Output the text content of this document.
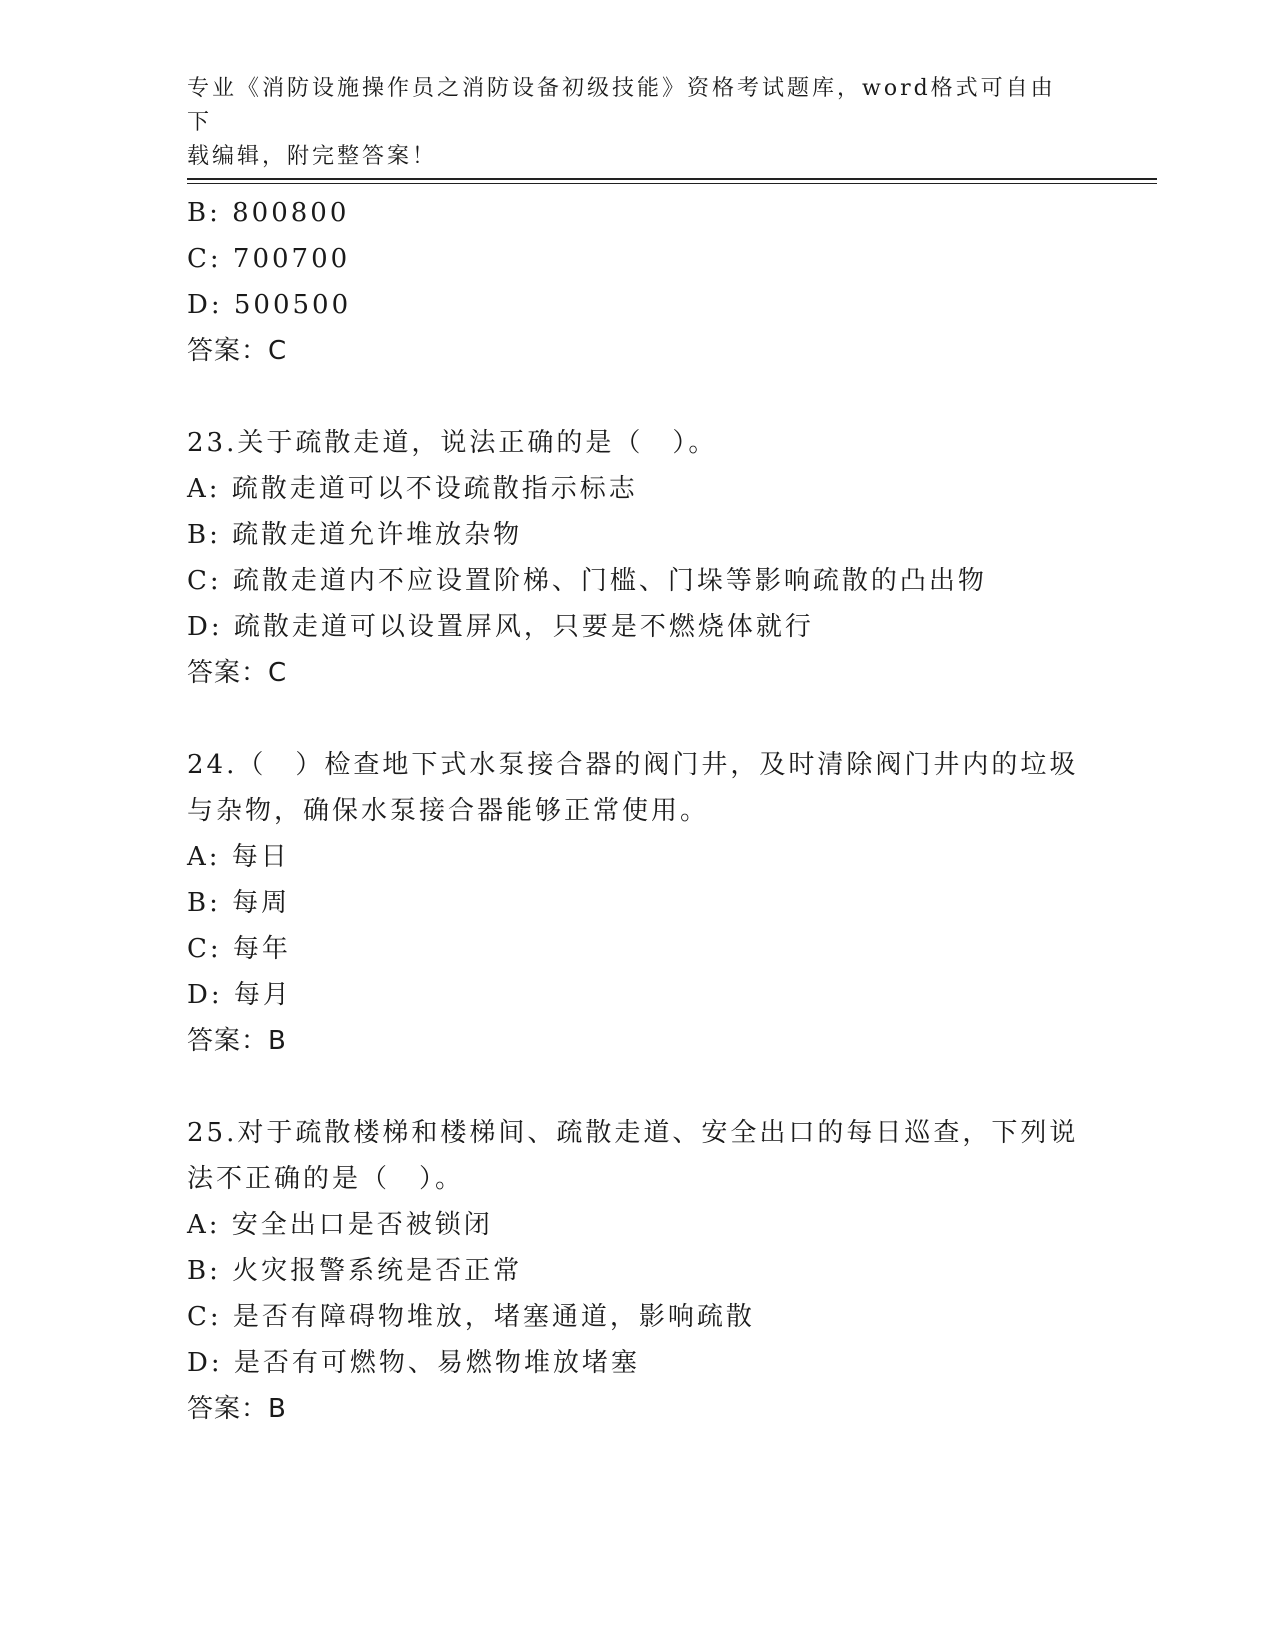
专业《消防设施操作员之消防设备初级技能》资格考试题库，word格式可自由下
载编辑，附完整答案！
B: 800800
C: 700700
D: 500500
答案：C
23.关于疏散走道，说法正确的是（　）。
A: 疏散走道可以不设疏散指示标志
B: 疏散走道允许堆放杂物
C: 疏散走道内不应设置阶梯、门槛、门垛等影响疏散的凸出物
D: 疏散走道可以设置屏风，只要是不燃烧体就行
答案：C
24.（　）检查地下式水泵接合器的阀门井，及时清除阀门井内的垃圾
与杂物，确保水泵接合器能够正常使用。
A: 每日
B: 每周
C: 每年
D: 每月
答案：B
25.对于疏散楼梯和楼梯间、疏散走道、安全出口的每日巡查，下列说
法不正确的是（　）。
A: 安全出口是否被锁闭
B: 火灾报警系统是否正常
C: 是否有障碍物堆放，堵塞通道，影响疏散
D: 是否有可燃物、易燃物堆放堵塞
答案：B
